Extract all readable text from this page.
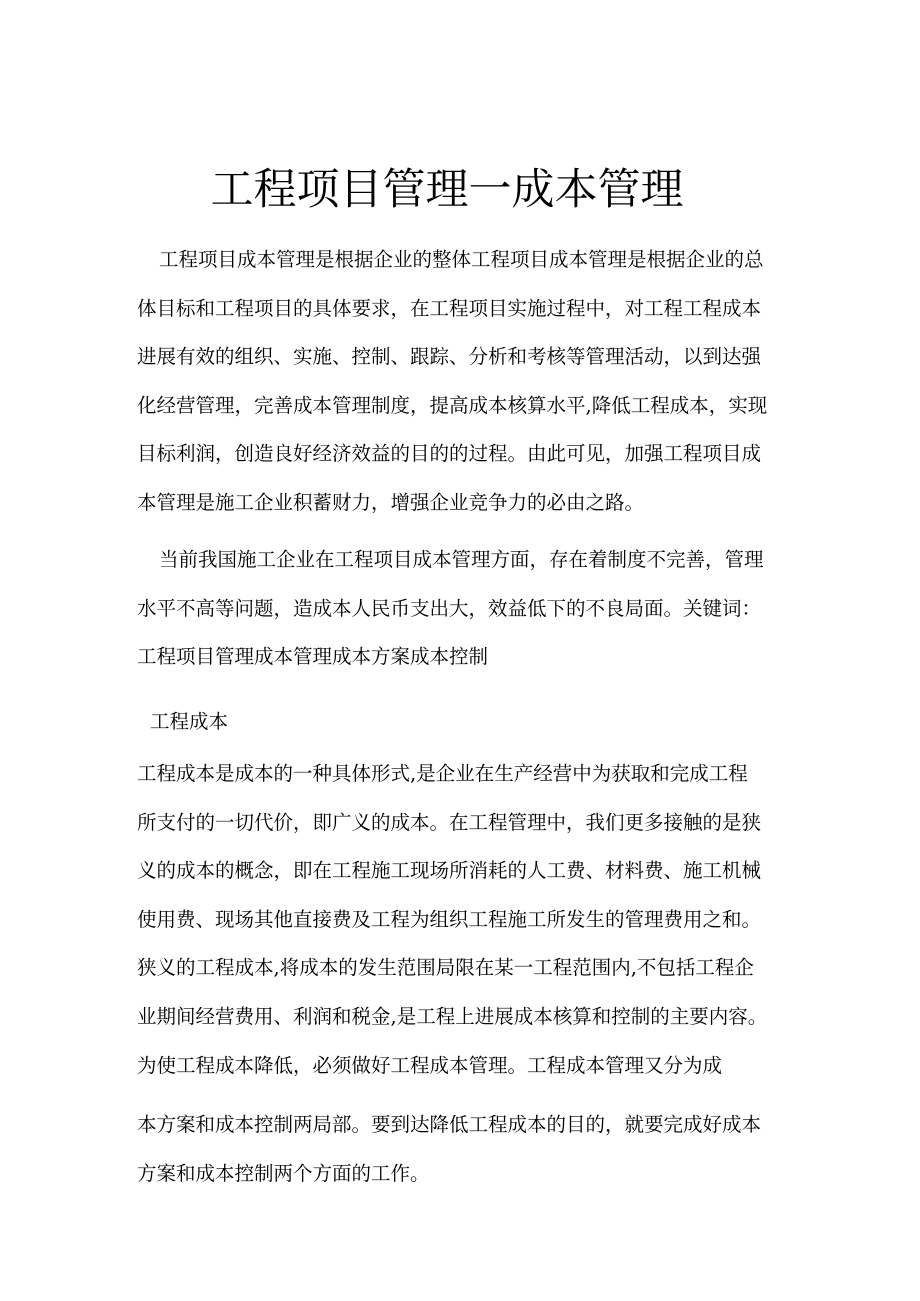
工程项目管理一成本管理

工程项目成本管理是根据企业的整体工程项目成本管理是根据企业的总
体目标和工程项目的具体要求，在工程项目实施过程中，对工程工程成本
进展有效的组织、实施、控制、跟踪、分析和考核等管理活动，以到达强
化经营管理，完善成本管理制度，提高成本核算水平,降低工程成本，实现
目标利润，创造良好经济效益的目的的过程。由此可见，加强工程项目成
本管理是施工企业积蓄财力，增强企业竞争力的必由之路。

当前我国施工企业在工程项目成本管理方面，存在着制度不完善，管理
水平不高等问题，造成本人民币支出大，效益低下的不良局面。关键词：
工程项目管理成本管理成本方案成本控制

工程成本

工程成本是成本的一种具体形式,是企业在生产经营中为获取和完成工程
所支付的一切代价，即广义的成本。在工程管理中，我们更多接触的是狭
义的成本的概念，即在工程施工现场所消耗的人工费、材料费、施工机械
使用费、现场其他直接费及工程为组织工程施工所发生的管理费用之和。
狭义的工程成本,将成本的发生范围局限在某一工程范围内,不包括工程企
业期间经营费用、利润和税金,是工程上进展成本核算和控制的主要内容。
为使工程成本降低，必须做好工程成本管理。工程成本管理又分为成

本方案和成本控制两局部。要到达降低工程成本的目的，就要完成好成本
方案和成本控制两个方面的工作。
